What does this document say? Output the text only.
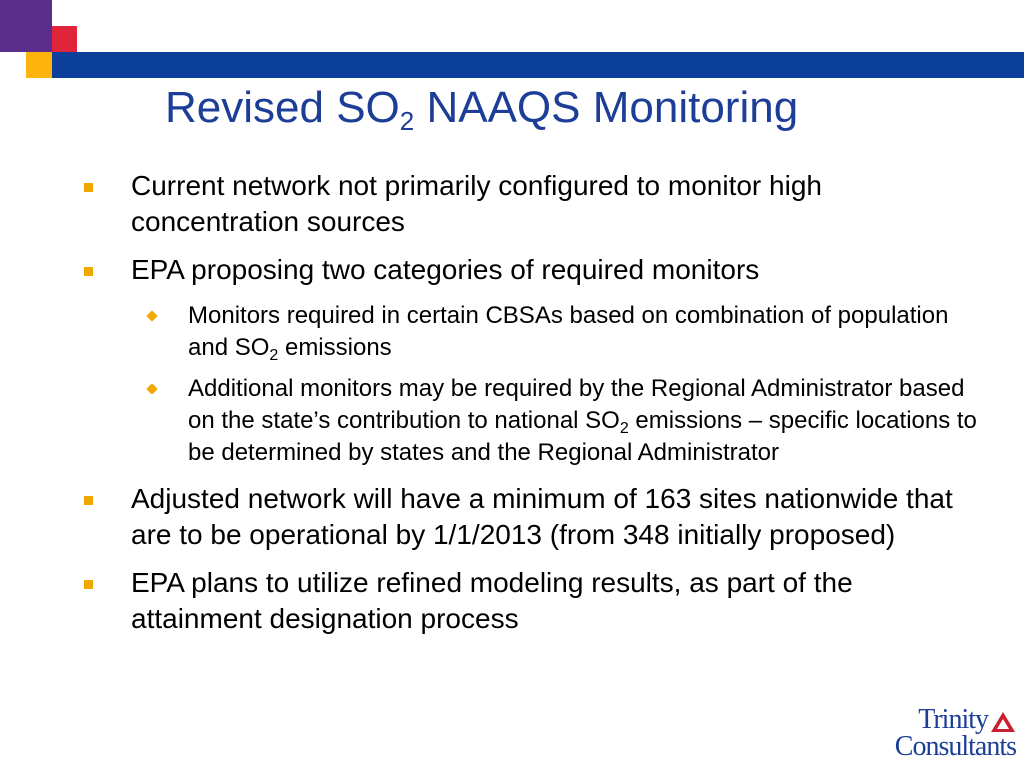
Revised $SO_2$ NAAQS Monitoring
Current network not primarily configured to monitor high concentration sources
EPA proposing two categories of required monitors
Monitors required in certain CBSAs based on combination of population and $SO_2$ emissions
Additional monitors may be required by the Regional Administrator based on the state’s contribution to national $SO_2$ emissions – specific locations to be determined by states and the Regional Administrator
Adjusted network will have a minimum of 163 sites nationwide that are to be operational by 1/1/2013 (from 348 initially proposed)
EPA plans to utilize refined modeling results, as part of the attainment designation process
Trinity
Consultants
